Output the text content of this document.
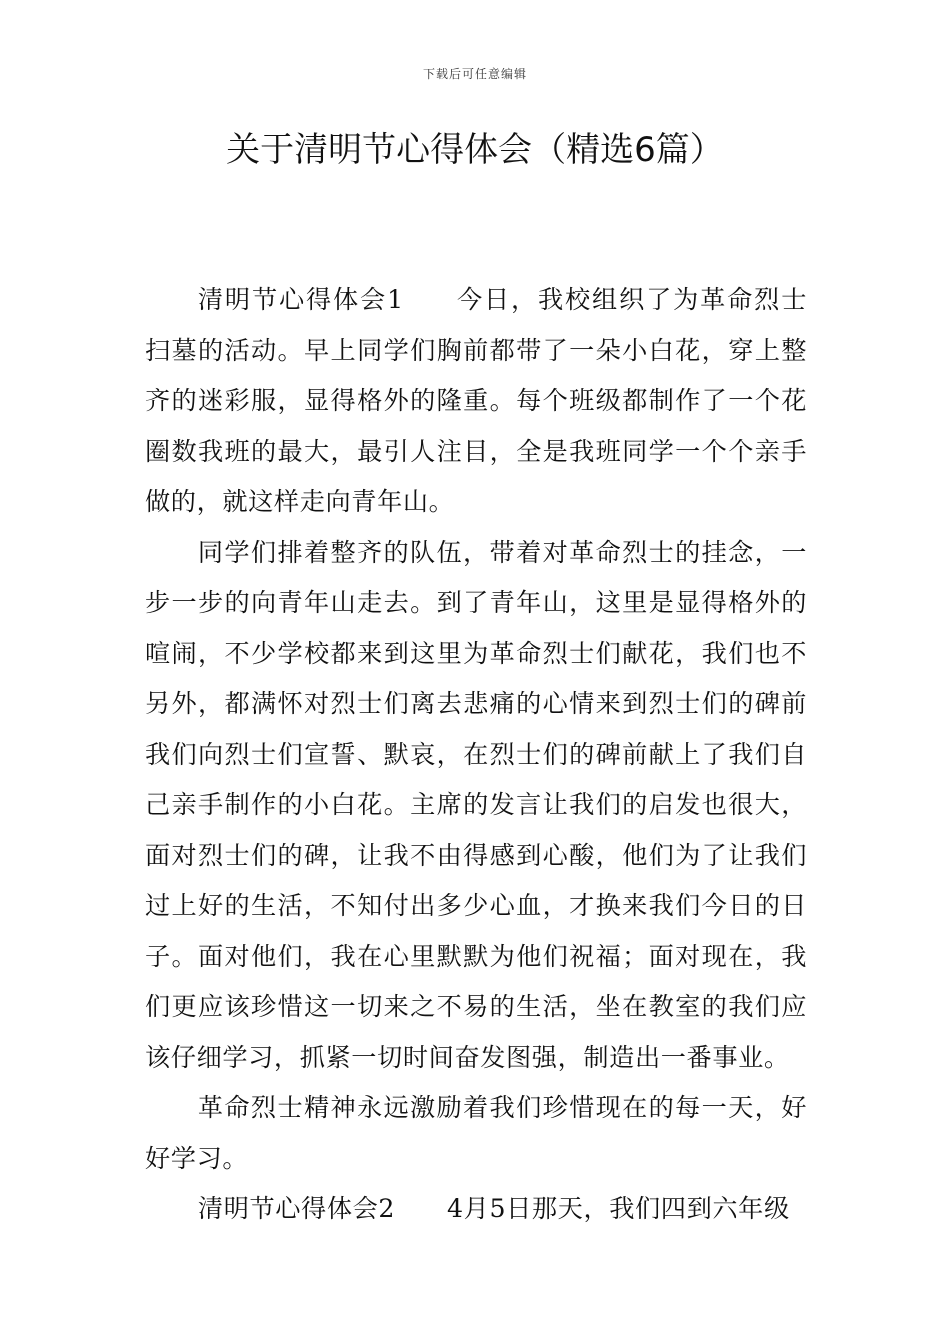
下载后可任意编辑
关于清明节心得体会（精选6篇）

清明节心得体会1 今日，我校组织了为革命烈士扫墓的活动。早上同学们胸前都带了一朵小白花，穿上整齐的迷彩服，显得格外的隆重。每个班级都制作了一个花圈数我班的最大，最引人注目，全是我班同学一个个亲手做的，就这样走向青年山。

同学们排着整齐的队伍，带着对革命烈士的挂念，一步一步的向青年山走去。到了青年山，这里是显得格外的喧闹，不少学校都来到这里为革命烈士们献花，我们也不另外，都满怀对烈士们离去悲痛的心情来到烈士们的碑前我们向烈士们宣誓、默哀，在烈士们的碑前献上了我们自己亲手制作的小白花。主席的发言让我们的启发也很大，面对烈士们的碑，让我不由得感到心酸，他们为了让我们过上好的生活，不知付出多少心血，才换来我们今日的日子。面对他们，我在心里默默为他们祝福；面对现在，我们更应该珍惜这一切来之不易的生活，坐在教室的我们应该仔细学习，抓紧一切时间奋发图强，制造出一番事业。

革命烈士精神永远激励着我们珍惜现在的每一天，好好学习。

清明节心得体会2 4月5日那天，我们四到六年级
